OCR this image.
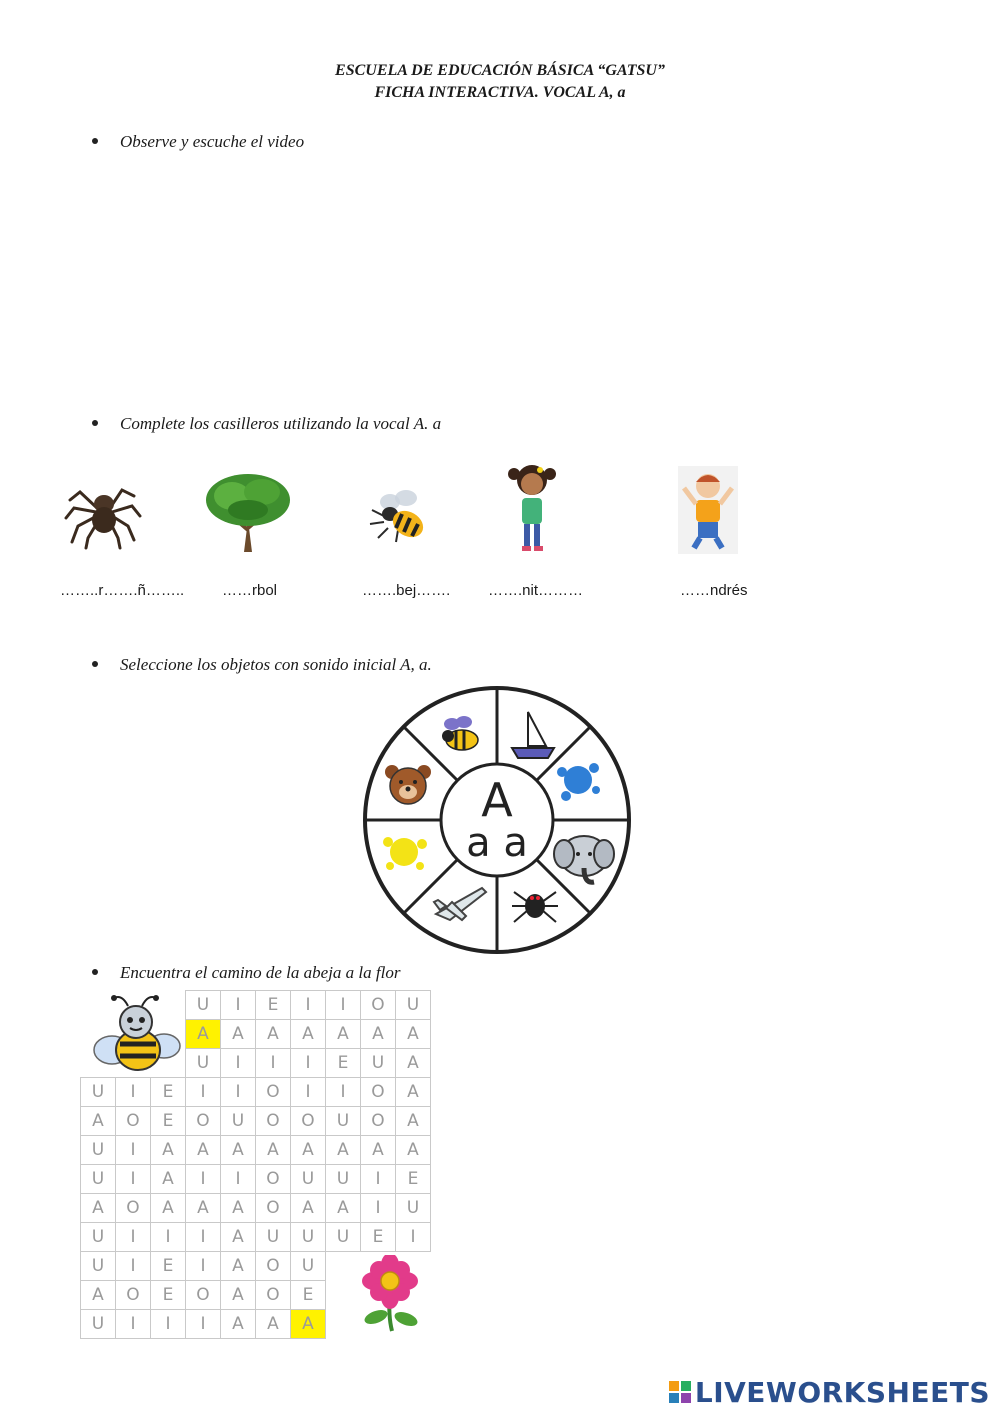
ESCUELA DE EDUCACIÓN BÁSICA “GATSU”
FICHA INTERACTIVA. VOCAL A, a
Observe y escuche el video
Complete los casilleros utilizando la vocal A. a
……..r…….ñ……..	……rbol	…….bej…….	…….nit………	……ndrés
Seleccione los objetos con sonido inicial A, a.
A
a a
Encuentra el camino de la abeja a la flor
			U	I	E	I	I	O	U
			A	A	A	A	A	A	A
			U	I	I	I	E	U	A
U	I	E	I	I	O	I	I	O	A
A	O	E	O	U	O	O	U	O	A
U	I	A	A	A	A	A	A	A	A
U	I	A	I	I	O	U	U	I	E
A	O	A	A	A	O	A	A	I	U
U	I	I	I	A	U	U	U	E	I
U	I	E	I	A	O	U			
A	O	E	O	A	O	E			
U	I	I	I	A	A	A			
LIVEWORKSHEETS
